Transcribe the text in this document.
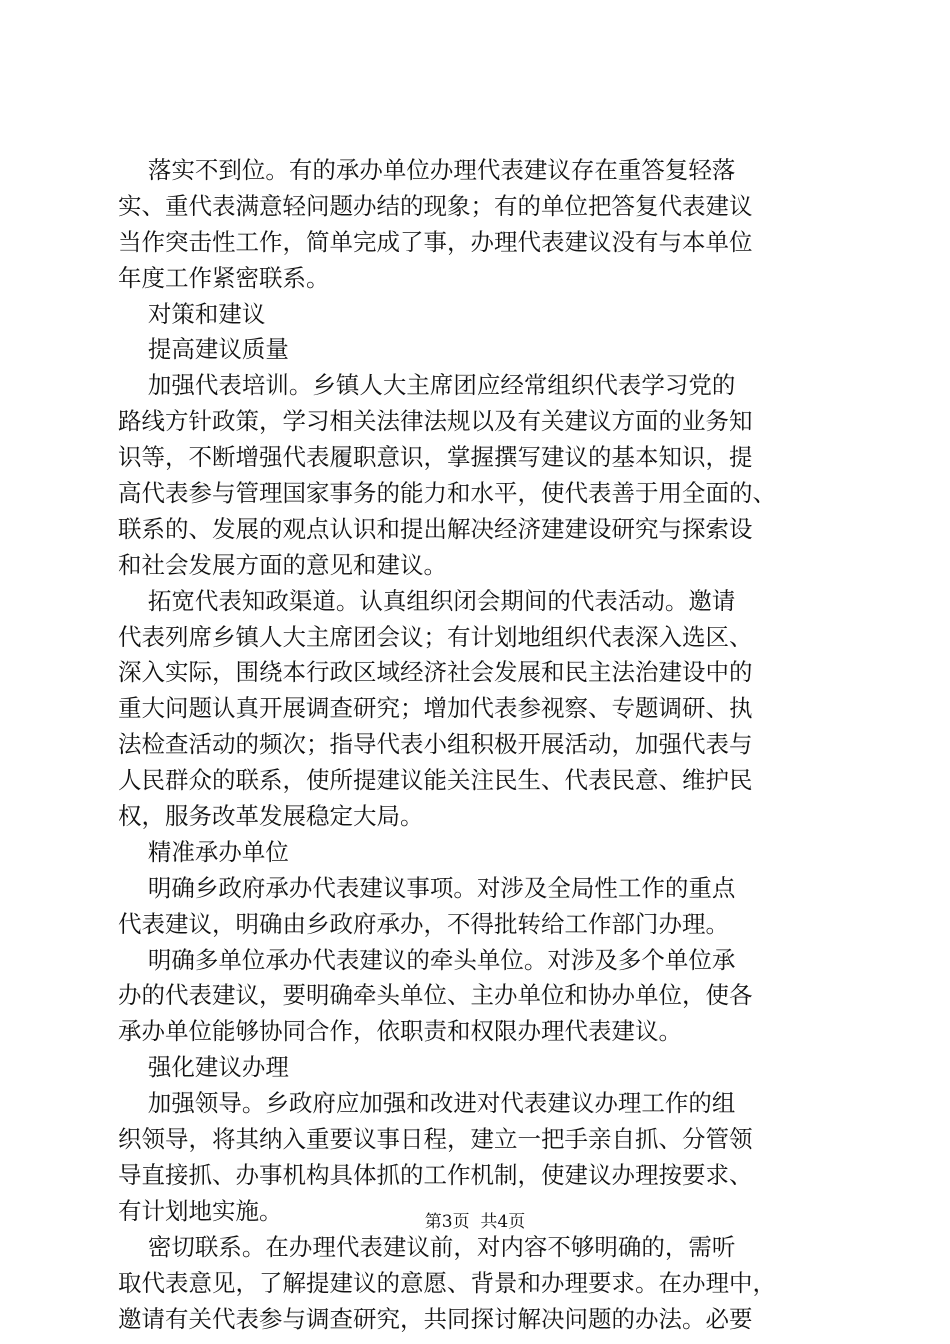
落实不到位。有的承办单位办理代表建议存在重答复轻落
实、重代表满意轻问题办结的现象；有的单位把答复代表建议
当作突击性工作，简单完成了事，办理代表建议没有与本单位
年度工作紧密联系。
对策和建议
提高建议质量
加强代表培训。乡镇人大主席团应经常组织代表学习党的
路线方针政策，学习相关法律法规以及有关建议方面的业务知
识等，不断增强代表履职意识，掌握撰写建议的基本知识，提
高代表参与管理国家事务的能力和水平，使代表善于用全面的、
联系的、发展的观点认识和提出解决经济建建设研究与探索设
和社会发展方面的意见和建议。
拓宽代表知政渠道。认真组织闭会期间的代表活动。邀请
代表列席乡镇人大主席团会议；有计划地组织代表深入选区、
深入实际，围绕本行政区域经济社会发展和民主法治建设中的
重大问题认真开展调查研究；增加代表参视察、专题调研、执
法检查活动的频次；指导代表小组积极开展活动，加强代表与
人民群众的联系，使所提建议能关注民生、代表民意、维护民
权，服务改革发展稳定大局。
精准承办单位
明确乡政府承办代表建议事项。对涉及全局性工作的重点
代表建议，明确由乡政府承办，不得批转给工作部门办理。
明确多单位承办代表建议的牵头单位。对涉及多个单位承
办的代表建议，要明确牵头单位、主办单位和协办单位，使各
承办单位能够协同合作，依职责和权限办理代表建议。
强化建议办理
加强领导。乡政府应加强和改进对代表建议办理工作的组
织领导，将其纳入重要议事日程，建立一把手亲自抓、分管领
导直接抓、办事机构具体抓的工作机制，使建议办理按要求、
有计划地实施。
密切联系。在办理代表建议前，对内容不够明确的，需听
取代表意见，了解提建议的意愿、背景和办理要求。在办理中，
邀请有关代表参与调查研究，共同探讨解决问题的办法。必要
第3页  共4页
